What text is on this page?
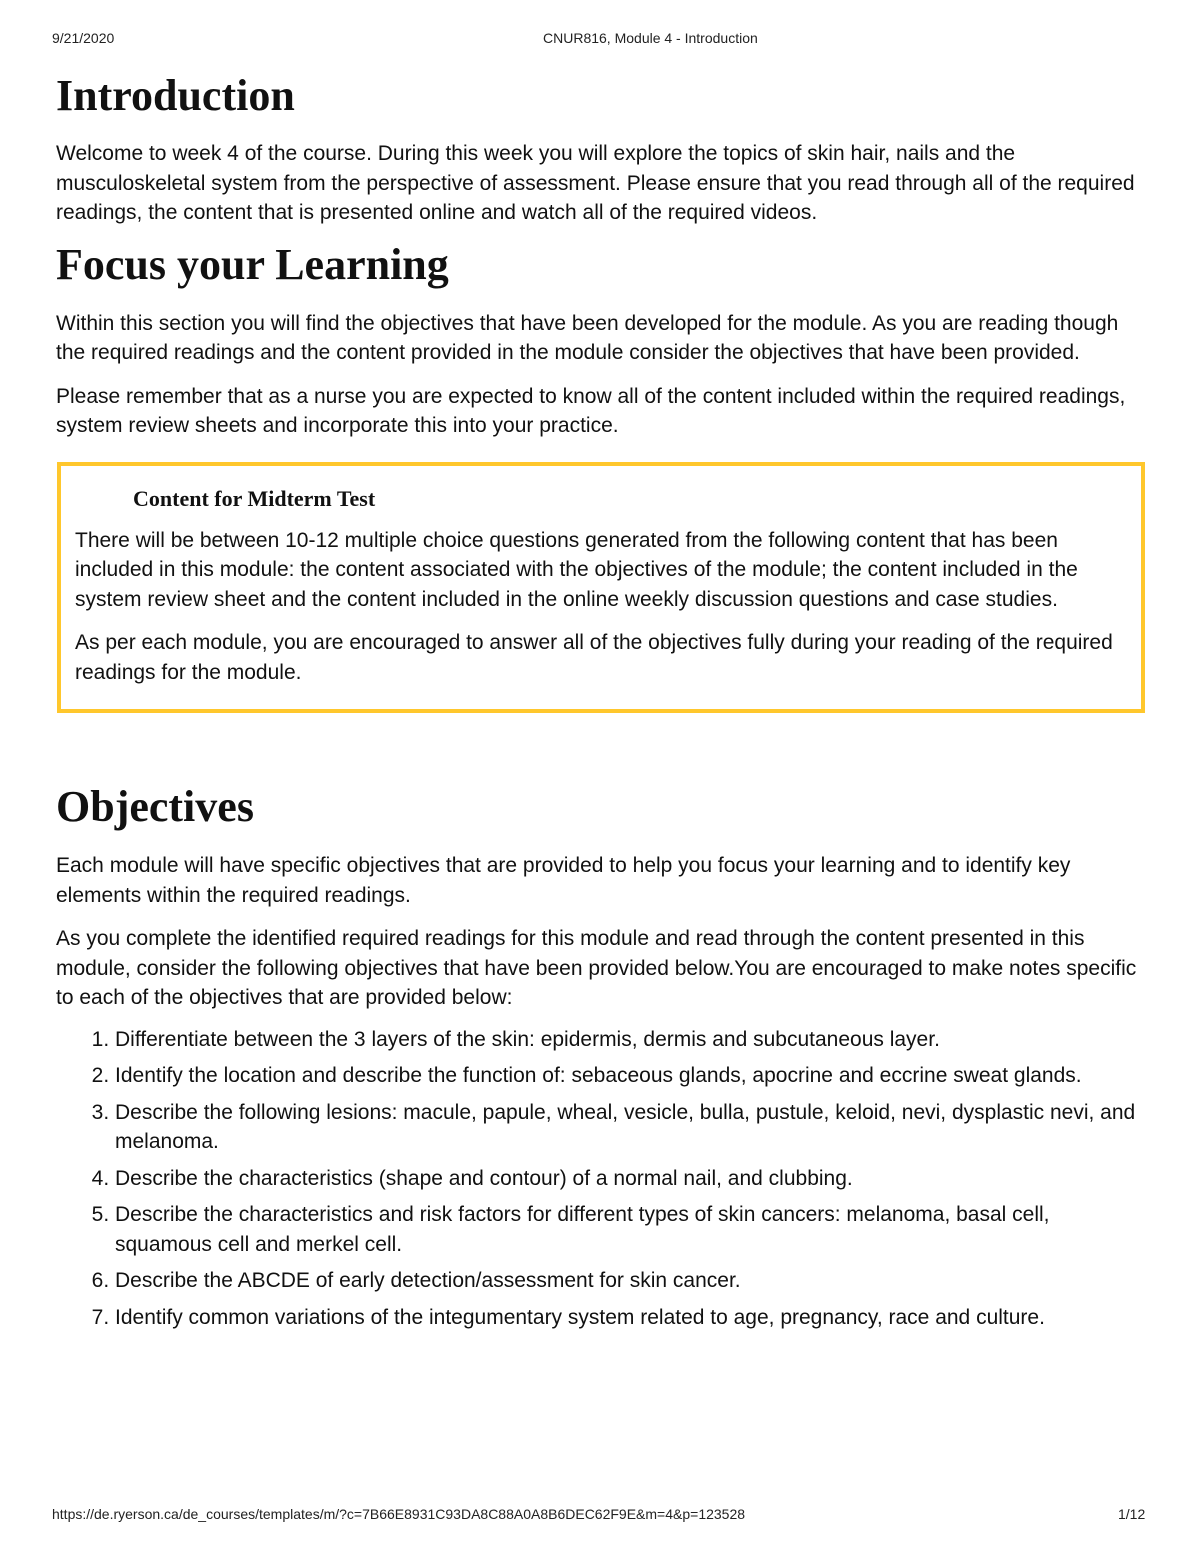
9/21/2020	CNUR816, Module 4 - Introduction
Introduction

Welcome to week 4 of the course. During this week you will explore the topics of skin hair, nails and the musculoskeletal system from the perspective of assessment. Please ensure that you read through all of the required readings, the content that is presented online and watch all of the required videos.

Focus your Learning

Within this section you will find the objectives that have been developed for the module. As you are reading though the required readings and the content provided in the module consider the objectives that have been provided.

Please remember that as a nurse you are expected to know all of the content included within the required readings, system review sheets and incorporate this into your practice.

Content for Midterm Test

There will be between 10-12 multiple choice questions generated from the following content that has been included in this module: the content associated with the objectives of the module; the content included in the system review sheet and the content included in the online weekly discussion questions and case studies.

As per each module, you are encouraged to answer all of the objectives fully during your reading of the required readings for the module.

Objectives

Each module will have specific objectives that are provided to help you focus your learning and to identify key elements within the required readings.

As you complete the identified required readings for this module and read through the content presented in this module, consider the following objectives that have been provided below.You are encouraged to make notes specific to each of the objectives that are provided below:

1. Differentiate between the 3 layers of the skin: epidermis, dermis and subcutaneous layer.
2. Identify the location and describe the function of: sebaceous glands, apocrine and eccrine sweat glands.
3. Describe the following lesions: macule, papule, wheal, vesicle, bulla, pustule, keloid, nevi, dysplastic nevi, and melanoma.
4. Describe the characteristics (shape and contour) of a normal nail, and clubbing.
5. Describe the characteristics and risk factors for different types of skin cancers: melanoma, basal cell, squamous cell and merkel cell.
6. Describe the ABCDE of early detection/assessment for skin cancer.
7. Identify common variations of the integumentary system related to age, pregnancy, race and culture.
https://de.ryerson.ca/de_courses/templates/m/?c=7B66E8931C93DA8C88A0A8B6DEC62F9E&m=4&p=123528	1/12
